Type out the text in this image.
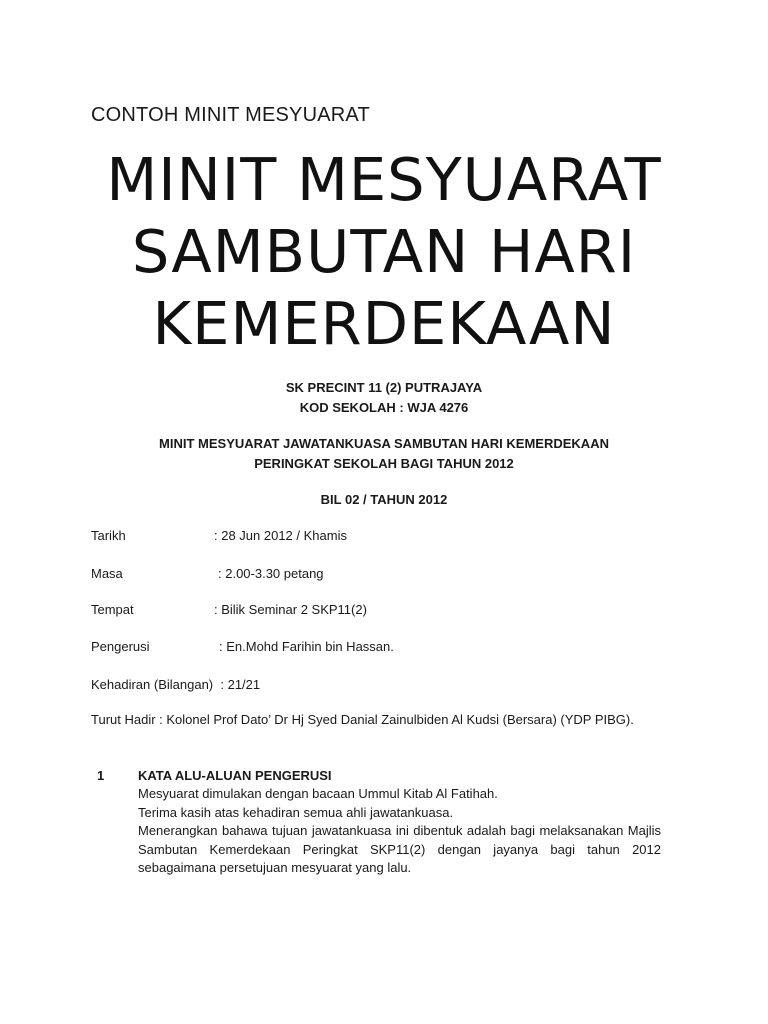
CONTOH MINIT MESYUARAT
MINIT MESYUARAT
SAMBUTAN HARI
KEMERDEKAAN
SK PRECINT 11 (2) PUTRAJAYA
KOD SEKOLAH : WJA 4276
MINIT MESYUARAT JAWATANKUASA SAMBUTAN HARI KEMERDEKAAN
PERINGKAT SEKOLAH BAGI TAHUN 2012
BIL 02 / TAHUN 2012
Tarikh	: 28 Jun 2012 / Khamis
Masa	: 2.00-3.30 petang
Tempat	: Bilik Seminar 2 SKP11(2)
Pengerusi	: En.Mohd Farihin bin Hassan.
Kehadiran (Bilangan) : 21/21
Turut Hadir : Kolonel Prof Dato’ Dr Hj Syed Danial Zainulbiden Al Kudsi (Bersara) (YDP PIBG).
1	KATA ALU-ALUAN PENGERUSI
Mesyuarat dimulakan dengan bacaan Ummul Kitab Al Fatihah.
Terima kasih atas kehadiran semua ahli jawatankuasa.
Menerangkan bahawa tujuan jawatankuasa ini dibentuk adalah bagi melaksanakan Majlis Sambutan Kemerdekaan Peringkat SKP11(2) dengan jayanya bagi tahun 2012 sebagaimana persetujuan mesyuarat yang lalu.
